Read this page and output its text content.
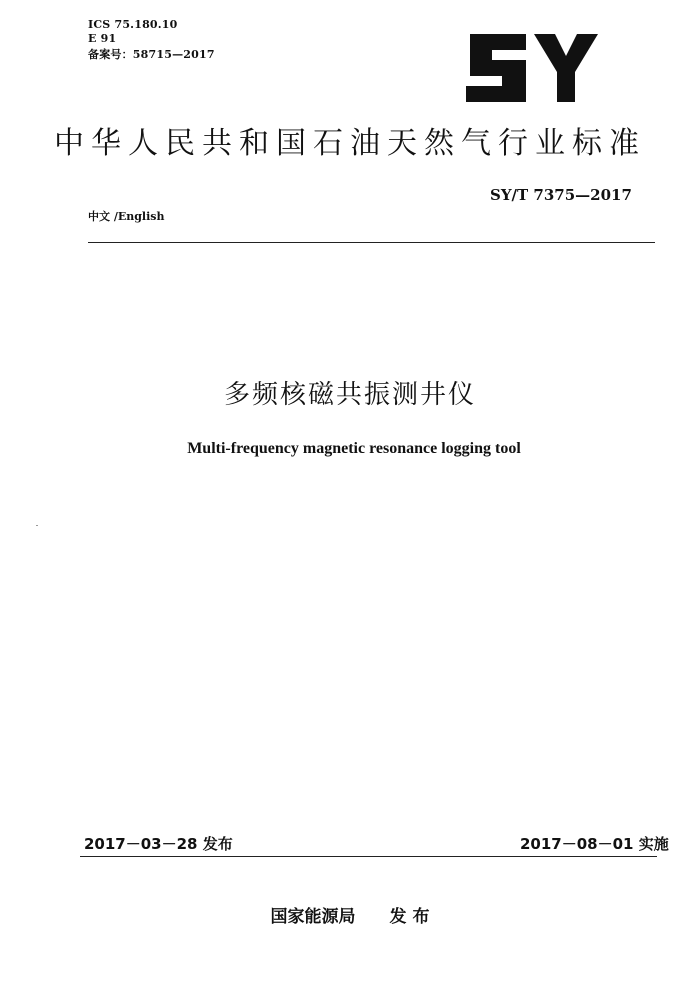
ICS 75.180.10
E 91
备案号：58715—2017
中华人民共和国石油天然气行业标准
SY/T 7375—2017
中文 /English
多频核磁共振测井仪
Multi-frequency magnetic resonance logging tool
2017－03－28 发布	2017－08－01 实施
国家能源局 发 布
